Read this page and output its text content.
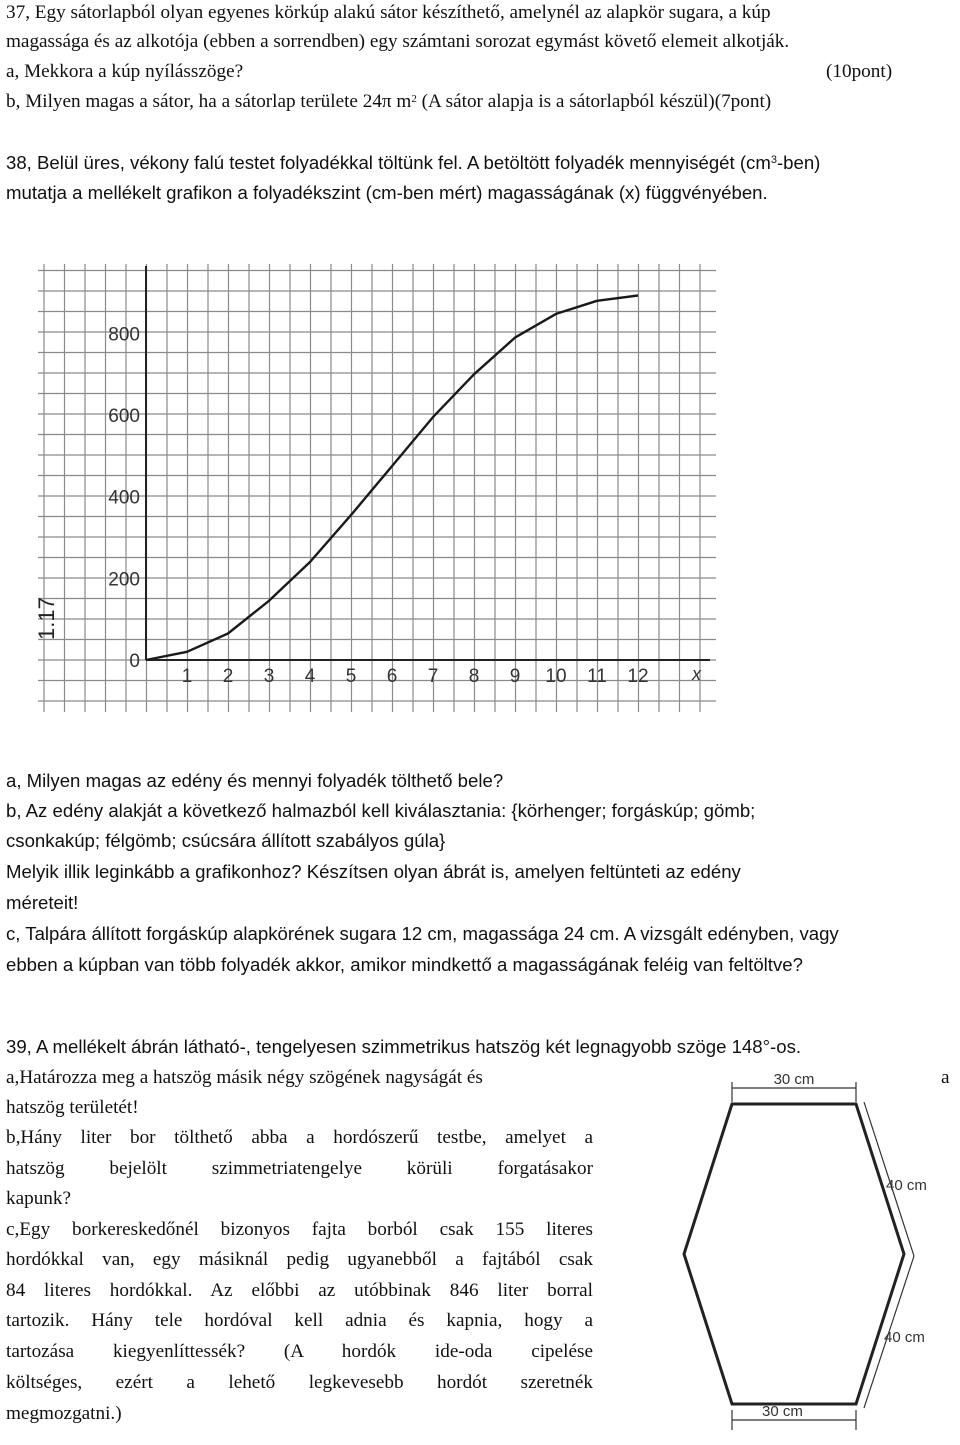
37, Egy sátorlapból olyan egyenes körkúp alakú sátor készíthető, amelynél az alapkör sugara, a kúp
magassága és az alkotója (ebben a sorrendben) egy számtani sorozat egymást követő elemeit alkotják.
a, Mekkora a kúp nyílásszöge?	(10pont)
b, Milyen magas a sátor, ha a sátorlap területe 24π $m^2$ (A sátor alapja is a sátorlapból készül)(7pont)
38, Belül üres, vékony falú testet folyadékkal töltünk fel. A betöltött folyadék mennyiségét $(cm^3-ben)$
mutatja a mellékelt grafikon a folyadékszint (cm-ben mért) magasságának (x) függvényében.
0
200
400
600
800
1 2 3 4 5 6 7 8 9 10 11 12 x
1.17
a, Milyen magas az edény és mennyi folyadék tölthető bele?
b, Az edény alakját a következő halmazból kell kiválasztania: {körhenger; forgáskúp; gömb;
csonkakúp; félgömb; csúcsára állított szabályos gúla}
Melyik illik leginkább a grafikonhoz? Készítsen olyan ábrát is, amelyen feltünteti az edény
méreteit!
c, Talpára állított forgáskúp alapkörének sugara 12 cm, magassága 24 cm. A vizsgált edényben, vagy
ebben a kúpban van több folyadék akkor, amikor mindkettő a magasságának feléig van feltöltve?
39, A mellékelt ábrán látható-, tengelyesen szimmetrikus hatszög két legnagyobb szöge 148°-os.
a,Határozza meg a hatszög másik négy szögének nagyságát és	a
hatszög területét!
b,Hány liter bor tölthető abba a hordószerű testbe, amelyet a
hatszög bejelölt szimmetriatengelye körüli forgatásakor
kapunk?
c,Egy borkereskedőnél bizonyos fajta borból csak 155 literes
hordókkal van, egy másiknál pedig ugyanebből a fajtából csak
84 literes hordókkal. Az előbbi az utóbbinak 846 liter borral
tartozik. Hány tele hordóval kell adnia és kapnia, hogy a
tartozása kiegyenlíttessék? (A hordók ide-oda cipelése
költséges, ezért a lehető legkevesebb hordót szeretnék
megmozgatni.)
30 cm
40 cm
40 cm
30 cm
